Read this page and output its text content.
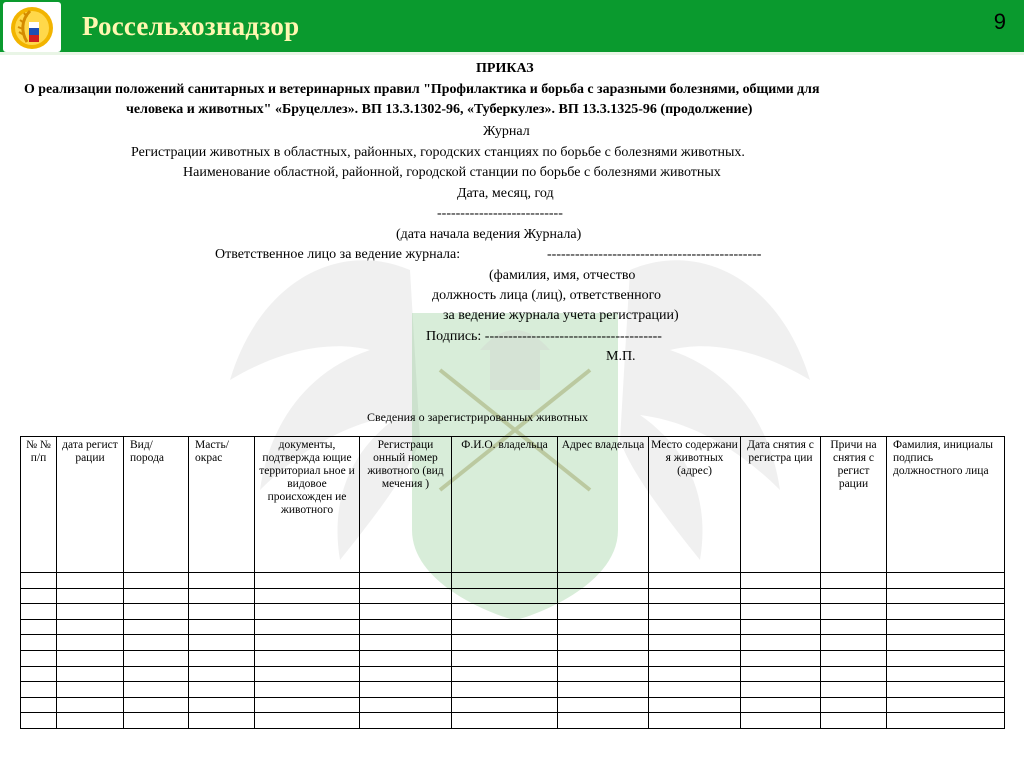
Россельхознадзор	9
ПРИКАЗ
О реализации положений санитарных и ветеринарных правил "Профилактика и борьба с заразными болезнями, общими для
человека и животных" «Бруцеллез». ВП 13.3.1302-96, «Туберкулез». ВП 13.3.1325-96 (продолжение)
Журнал
Регистрации животных в областных, районных, городских станциях по борьбе с болезнями животных.
Наименование областной, районной, городской станции по борьбе с болезнями животных
Дата, месяц, год
---------------------------
(дата начала ведения Журнала)
Ответственное лицо за ведение журнала:	----------------------------------------------
(фамилия, имя, отчество
должность лица (лиц), ответственного
за ведение журнала учета регистрации)
Подпись: --------------------------------------
М.П.
Сведения о зарегистрированных животных
№ № п/п	дата регист рации	Вид/ порода	Масть/ окрас	документы, подтвержда ющие территориал ьное и видовое происхожден ие животного	Регистраци онный номер животного (вид мечения )	Ф.И.О. владельца	Адрес владельца	Место содержани я животных (адрес)	Дата снятия с регистра ции	Причи на снятия с регист рации	Фамилия, инициалы подпись должностного лица
